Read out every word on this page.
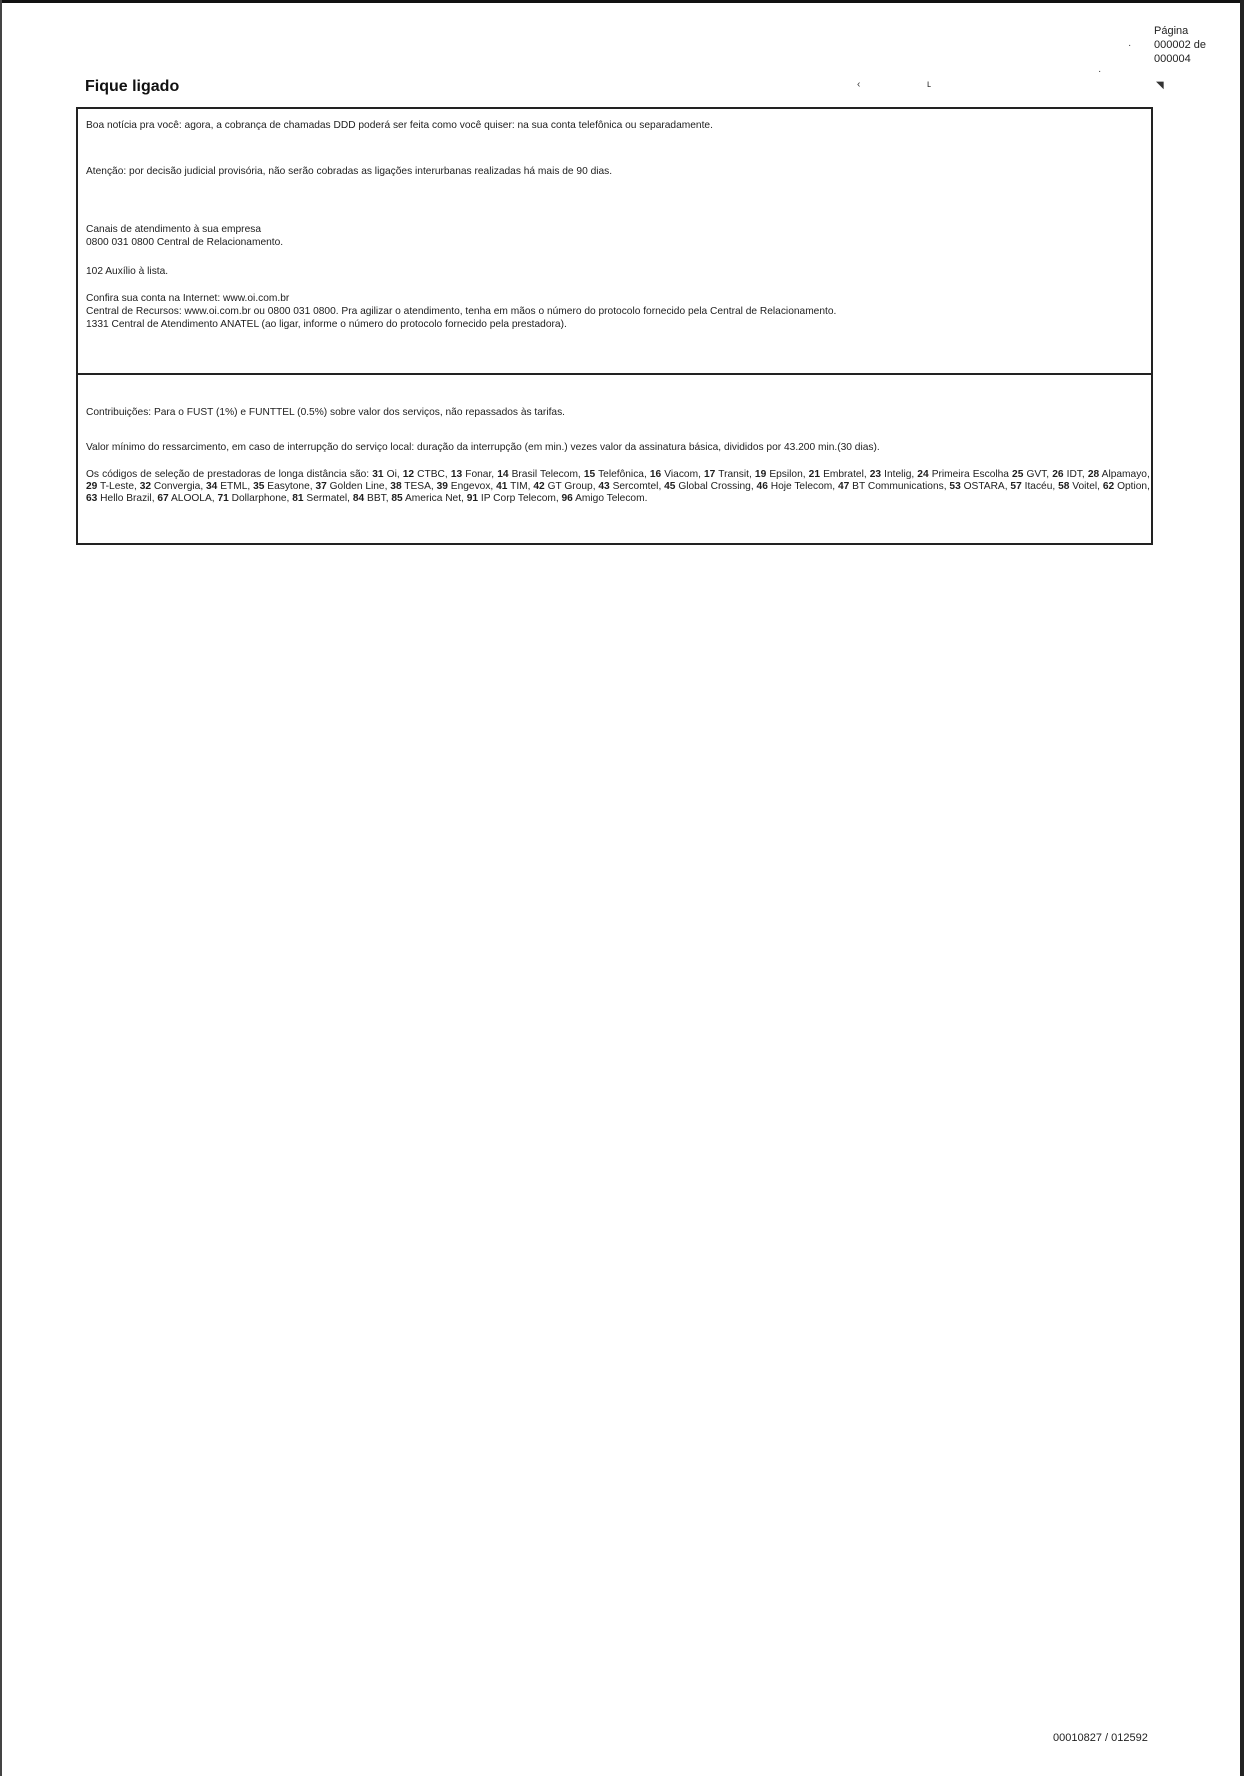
Página
000002 de
000004
·
‹	ʟ
·
◥
Fique ligado
Boa notícia pra você: agora, a cobrança de chamadas DDD poderá ser feita como você quiser: na sua conta telefônica ou separadamente.
Atenção: por decisão judicial provisória, não serão cobradas as ligações interurbanas realizadas há mais de 90 dias.
Canais de atendimento à sua empresa
0800 031 0800 Central de Relacionamento.
102 Auxílio à lista.
Confira sua conta na Internet: www.oi.com.br
Central de Recursos: www.oi.com.br ou 0800 031 0800. Pra agilizar o atendimento, tenha em mãos o número do protocolo fornecido pela Central de Relacionamento.
1331 Central de Atendimento ANATEL (ao ligar, informe o número do protocolo fornecido pela prestadora).
Contribuições: Para o FUST (1%) e FUNTTEL (0.5%) sobre valor dos serviços, não repassados às tarifas.
Valor mínimo do ressarcimento, em caso de interrupção do serviço local: duração da interrupção (em min.) vezes valor da assinatura básica, divididos por 43.200 min.(30 dias).
Os códigos de seleção de prestadoras de longa distância são: 31 Oi, 12 CTBC, 13 Fonar, 14 Brasil Telecom, 15 Telefônica, 16 Viacom, 17 Transit, 19 Epsilon, 21 Embratel, 23 Intelig, 24 Primeira Escolha 25 GVT, 26 IDT, 28 Alpamayo, 29 T-Leste, 32 Convergia, 34 ETML, 35 Easytone, 37 Golden Line, 38 TESA, 39 Engevox, 41 TIM, 42 GT Group, 43 Sercomtel, 45 Global Crossing, 46 Hoje Telecom, 47 BT Communications, 53 OSTARA, 57 Itacéu, 58 Voitel, 62 Option, 63 Hello Brazil, 67 ALOOLA, 71 Dollarphone, 81 Sermatel, 84 BBT, 85 America Net, 91 IP Corp Telecom, 96 Amigo Telecom.
00010827 / 012592
